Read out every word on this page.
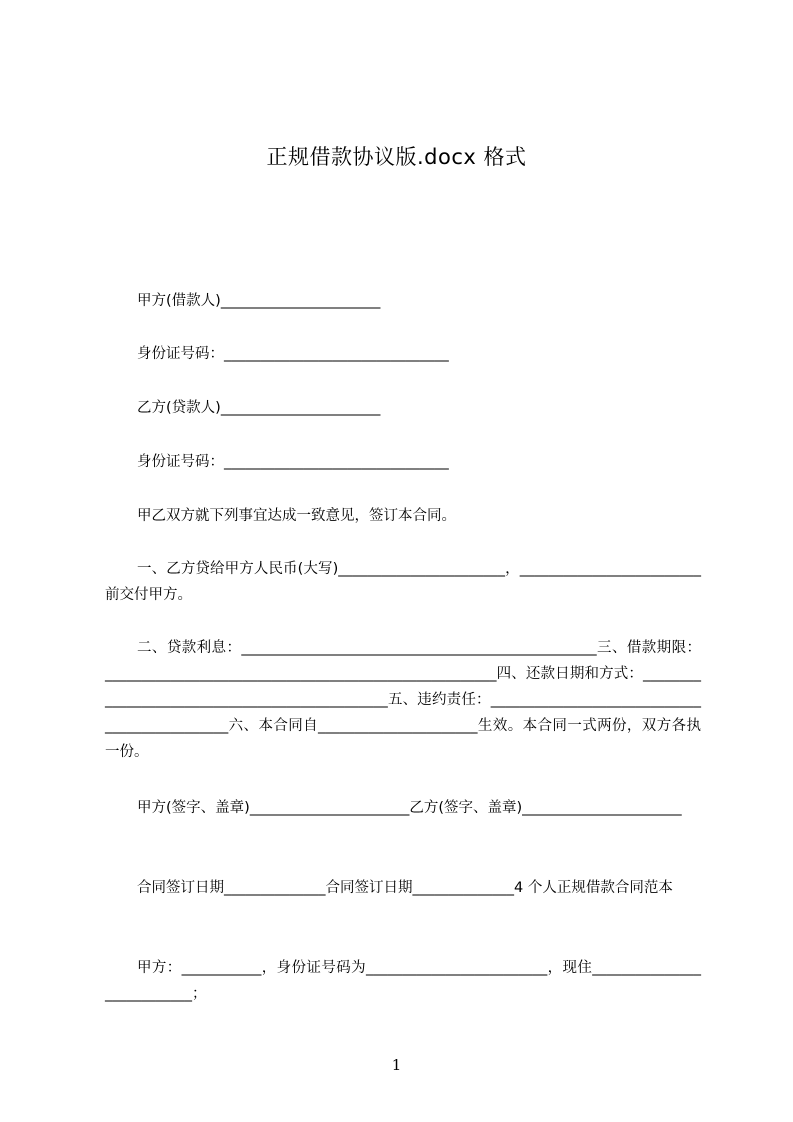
正规借款协议版.docx 格式
甲方(借款人)______________________
身份证号码：_______________________________
乙方(贷款人)______________________
身份证号码：_______________________________
甲乙双方就下列事宜达成一致意见，签订本合同。
一、乙方贷给甲方人民币(大写)_______________________，_________________________前交付甲方。
二、贷款利息：_________________________________________________三、借款期限：______________________________________________________四、还款日期和方式：_______________________________________________五、违约责任：______________________________________________六、本合同自______________________生效。本合同一式两份，双方各执一份。
甲方(签字、盖章)______________________乙方(签字、盖章)______________________
合同签订日期______________合同签订日期______________4 个人正规借款合同范本
甲方：___________，身份证号码为_________________________，现住___________________________；
1
